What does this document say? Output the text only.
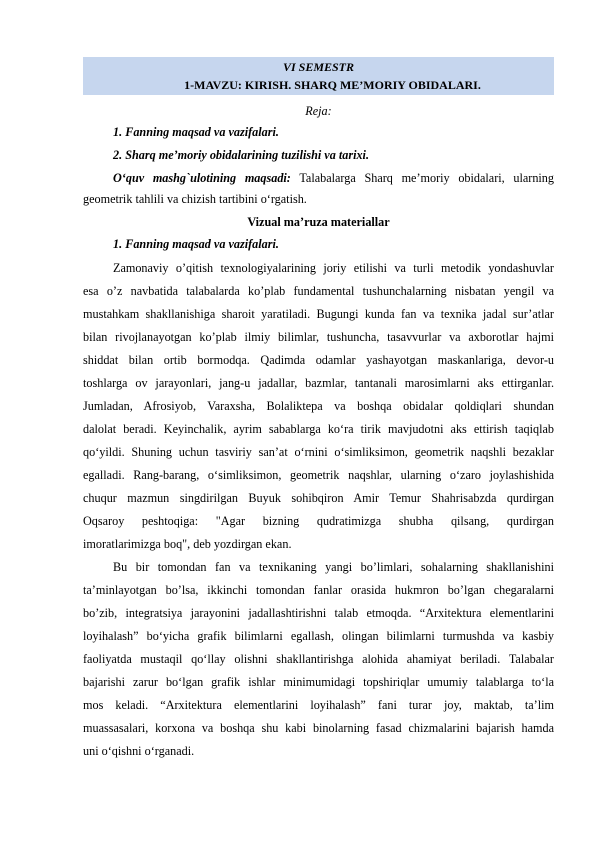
VI SEMESTR
1-MAVZU: KIRISH. SHARQ ME’MORIY OBIDALARI.
Reja:
1. Fanning maqsad va vazifalari.
2. Sharq me’moriy obidalarining tuzilishi va tarixi.
O‘quv mashg`ulotining maqsadi: Talabalarga Sharq me’moriy obidalari, ularning
geometrik tahlili va chizish tartibini o‘rgatish.
Vizual ma’ruza materiallar
1. Fanning maqsad va vazifalari.
Zamonaviy o’qitish texnologiyalarining joriy etilishi va turli metodik yondashuvlar
esa o’z navbatida talabalarda ko’plab fundamental tushunchalarning nisbatan yengil va
mustahkam shakllanishiga sharoit yaratiladi. Bugungi kunda fan va texnika jadal sur’atlar
bilan rivojlanayotgan ko’plab ilmiy bilimlar, tushuncha, tasavvurlar va axborotlar hajmi
shiddat bilan ortib bormodqa. Qadimda odamlar yashayotgan maskanlariga, devor-u
toshlarga ov jarayonlari, jang-u jadallar, bazmlar, tantanali marosimlarni aks ettirganlar.
Jumladan, Afrosiyob, Varaxsha, Bolaliktepa va boshqa obidalar qoldiqlari shundan
dalolat beradi. Keyinchalik, ayrim sabablarga ko‘ra tirik mavjudotni aks ettirish taqiqlab
qo‘yildi. Shuning uchun tasviriy san’at o‘rnini o‘simliksimon, geometrik naqshli bezaklar
egalladi. Rang-barang, o‘simliksimon, geometrik naqshlar, ularning o‘zaro joylashishida
chuqur mazmun singdirilgan Buyuk sohibqiron Amir Temur Shahrisabzda qurdirgan
Oqsaroy peshtoqiga: "Agar bizning qudratimizga shubha qilsang, qurdirgan
imoratlarimizga boq", deb yozdirgan ekan.
Bu bir tomondan fan va texnikaning yangi bo’limlari, sohalarning shakllanishini
ta’minlayotgan bo’lsa, ikkinchi tomondan fanlar orasida hukmron bo’lgan chegaralarni
bo’zib, integratsiya jarayonini jadallashtirishni talab etmoqda. “Arxitektura elementlarini
loyihalash” bo‘yicha grafik bilimlarni egallash, olingan bilimlarni turmushda va kasbiy
faoliyatda mustaqil qo‘llay olishni shakllantirishga alohida ahamiyat beriladi. Talabalar
bajarishi zarur bo‘lgan grafik ishlar minimumidagi topshiriqlar umumiy talablarga to‘la
mos keladi. “Arxitektura elementlarini loyihalash” fani turar joy, maktab, ta’lim
muassasalari, korxona va boshqa shu kabi binolarning fasad chizmalarini bajarish hamda
uni o‘qishni o‘rganadi.
